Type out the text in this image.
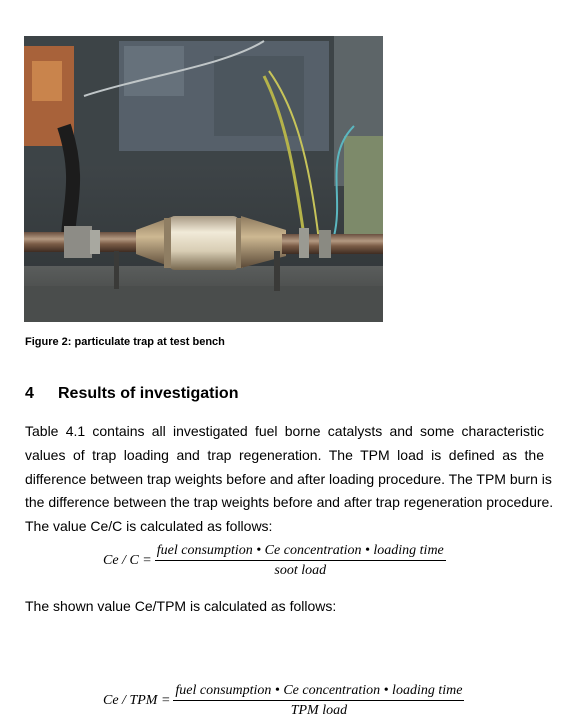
Figure 2: particulate trap at test bench
4 Results of investigation
Table 4.1 contains all investigated fuel borne catalysts and some characteristic
values of trap loading and trap regeneration. The TPM load is defined as the
difference between trap weights before and after loading procedure. The TPM burn is
the difference between the trap weights before and after trap regeneration procedure.
The value Ce/C is calculated as follows:
$Ce / C = \frac{\text{fuel consumption • Ce concentration • loading time}}{\text{soot load}}$
The shown value Ce/TPM is calculated as follows:
Ce / TPM = $\frac{\text{fuel consumption • Ce concentration • loading time}}{\text{TPM load}}$
